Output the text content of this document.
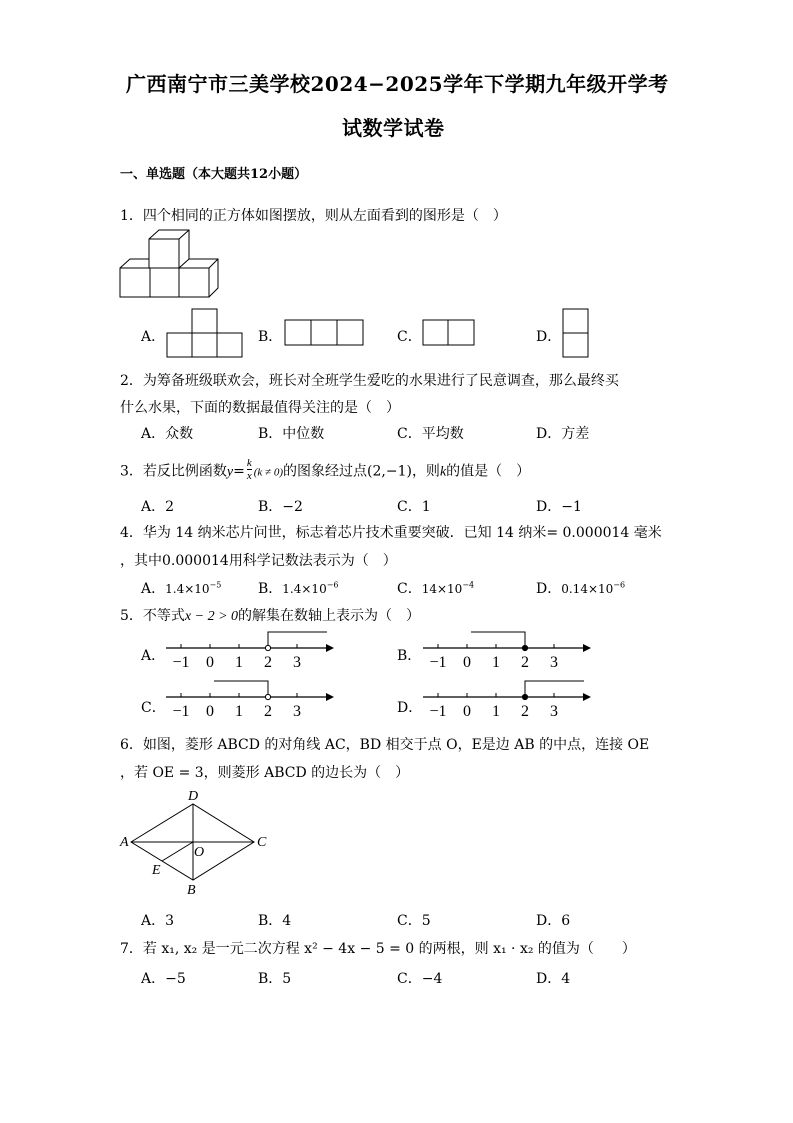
广西南宁市三美学校2024−2025学年下学期九年级开学考
试数学试卷
一、单选题（本大题共12小题）
1．四个相同的正方体如图摆放，则从左面看到的图形是（　）
A．	B．	C．	D．
2．为筹备班级联欢会，班长对全班学生爱吃的水果进行了民意调查，那么最终买
什么水果，下面的数据最值得关注的是（　）
A．众数	B．中位数	C．平均数	D．方差
3．若反比例函数$y= \frac{k}{x} (k \ne 0)$的图象经过点(2,−1)，则k的值是（　）
A．2	B．−2	C．1	D．−1
4．华为 14 纳米芯片问世，标志着芯片技术重要突破．已知 14 纳米= 0.000014 毫米
，其中0.000014用科学记数法表示为（　）
A．$1.4\times 10^{-5}$	B．$1.4\times 10^{-6}$	C．$14\times 10^{-4}$	D．$0.14\times 10^{-6}$
5．不等式x − 2 > 0的解集在数轴上表示为（　）
A．	B．
C．	D．
−1 0 1 2 3	−1 0 1 2 3
−1 0 1 2 3	−1 0 1 2 3
6．如图，菱形 ABCD 的对角线 AC，BD 相交于点 O，E是边 AB 的中点，连接 OE
，若 OE = 3，则菱形 ABCD 的边长为（　）
A
D
C
B
O
E
A．3	B．4	C．5	D．6
7．若 x₁, x₂ 是一元二次方程 x² − 4x − 5 = 0 的两根，则 x₁ · x₂ 的值为（　　）
A．−5	B．5	C．−4	D．4
